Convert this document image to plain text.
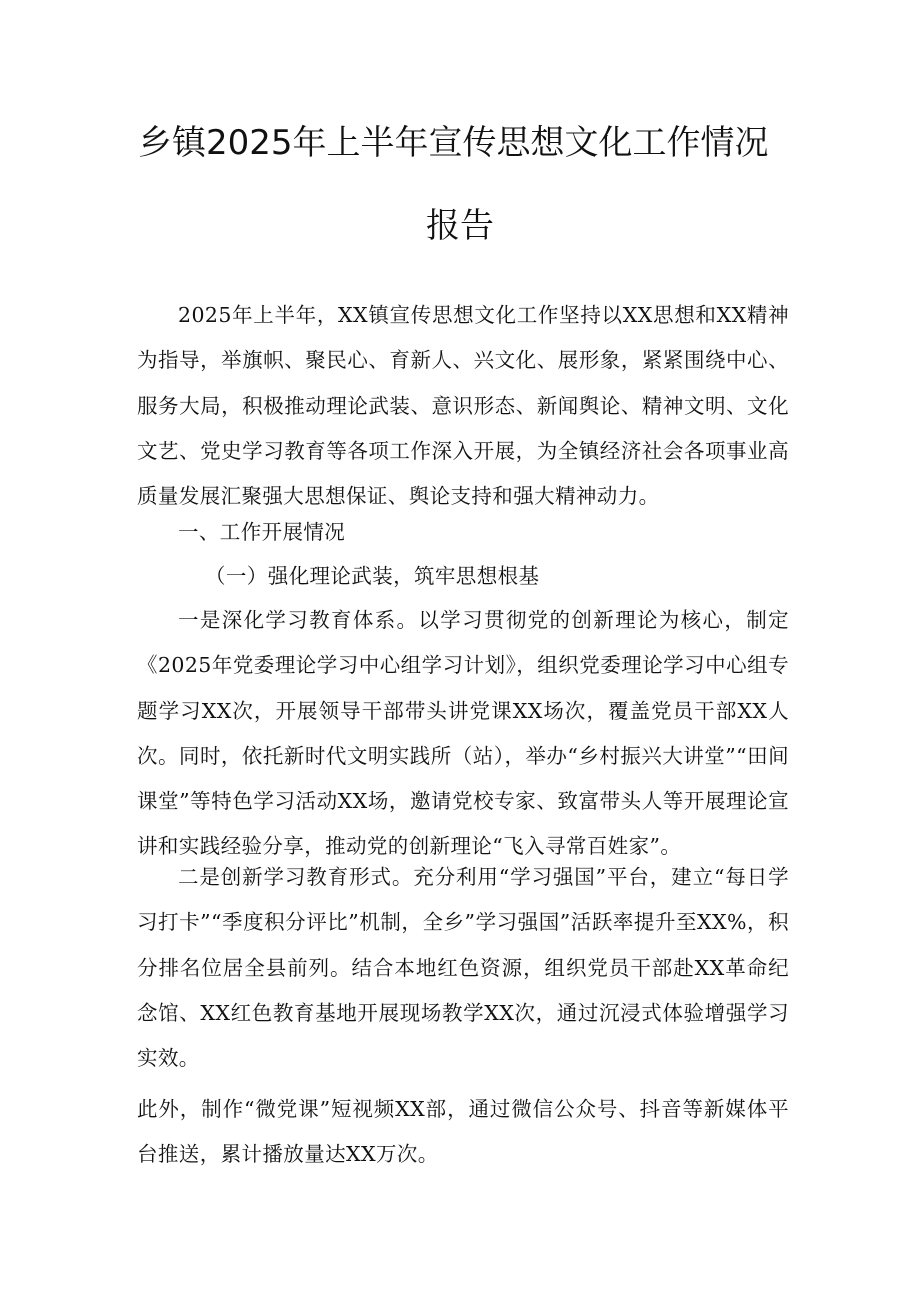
乡镇2025年上半年宣传思想文化工作情况
报告
2025年上半年，XX镇宣传思想文化工作坚持以XX思想和XX精神为指导，举旗帜、聚民心、育新人、兴文化、展形象，紧紧围绕中心、服务大局，积极推动理论武装、意识形态、新闻舆论、精神文明、文化文艺、党史学习教育等各项工作深入开展，为全镇经济社会各项事业高质量发展汇聚强大思想保证、舆论支持和强大精神动力。
一、工作开展情况
（一）强化理论武装，筑牢思想根基
一是深化学习教育体系。以学习贯彻党的创新理论为核心，制定《2025年党委理论学习中心组学习计划》，组织党委理论学习中心组专题学习XX次，开展领导干部带头讲党课XX场次，覆盖党员干部XX人次。同时，依托新时代文明实践所（站），举办“乡村振兴大讲堂”“田间课堂”等特色学习活动XX场，邀请党校专家、致富带头人等开展理论宣讲和实践经验分享，推动党的创新理论“飞入寻常百姓家”。
二是创新学习教育形式。充分利用“学习强国”平台，建立“每日学习打卡”“季度积分评比”机制，全乡”学习强国”活跃率提升至XX%，积分排名位居全县前列。结合本地红色资源，组织党员干部赴XX革命纪念馆、XX红色教育基地开展现场教学XX次，通过沉浸式体验增强学习实效。
此外，制作“微党课”短视频XX部，通过微信公众号、抖音等新媒体平台推送，累计播放量达XX万次。
